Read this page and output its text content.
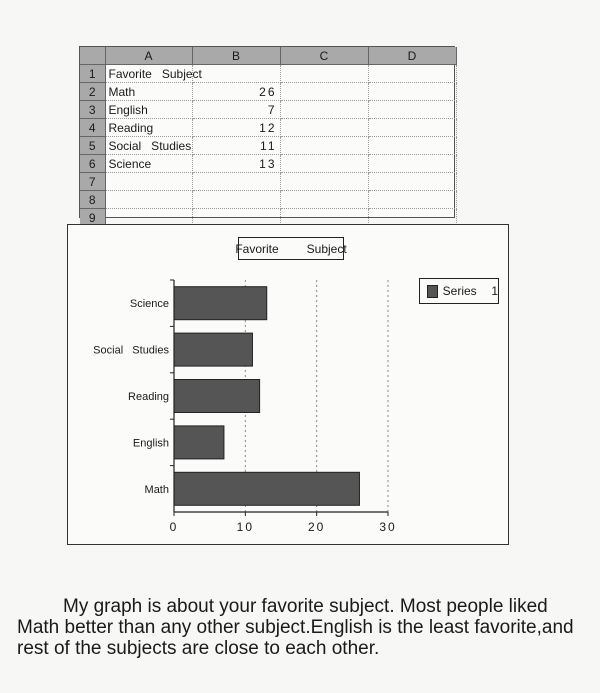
	A	B	C	D
1	Favorite   Subject			
2	Math	26		
3	English	7		
4	Reading	12		
5	Social   Studies	11		
6	Science	13		
7				
8				
9				
Math
English
Reading
Social   Studies
Science
0	10	20	30
Favorite   Subject
Series  1

My graph is about your favorite subject. Most people liked Math better than any other subject.English is the least favorite,and rest of the subjects are close to each other.
